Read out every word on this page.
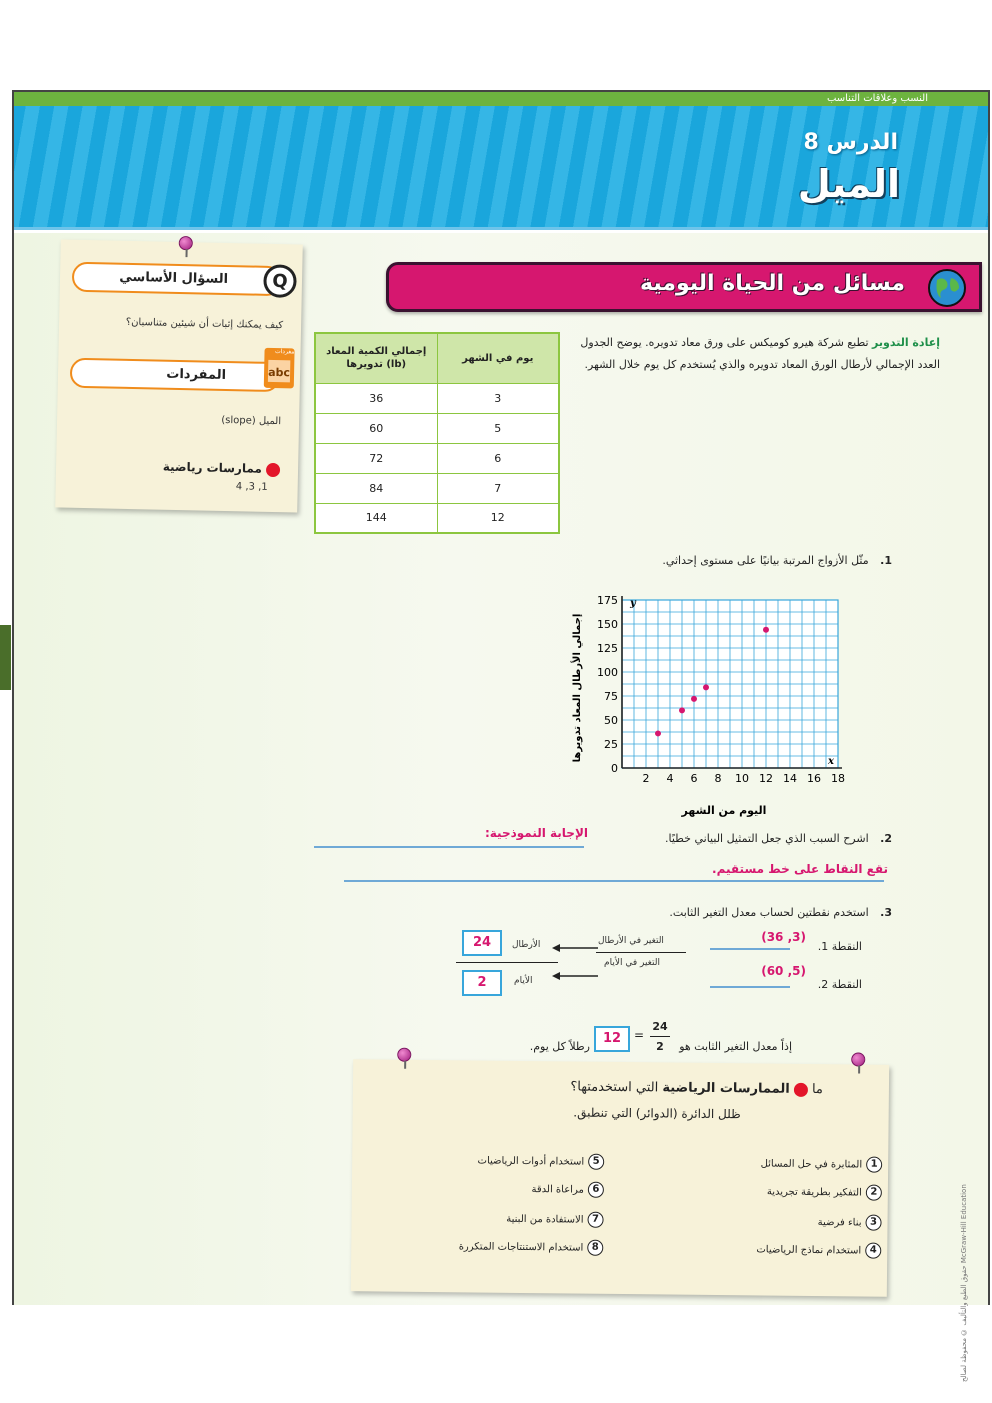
النسب وعلاقات التناسب
الدرس 8
الميل
السؤال الأساسي	Q
كيف يمكنك إثبات أن شيئين متناسبان؟
المفردات	abc
مفردات
الميل (slope)
ممارسات رياضية
1, 3, 4
مسائل من الحياة اليومية
إعادة التدوير تطبع شركة هيرو كوميكس على ورق معاد تدويره. يوضح الجدول العدد الإجمالي لأرطال الورق المعاد تدويره والذي يُستخدم كل يوم خلال الشهر.
إجمالي الكمية المعاد تدويرها (lb)	يوم في الشهر
36	3
60	5
72	6
84	7
144	12
1. مثّل الأزواج المرتبة بيانيًا على مستوى إحداثي.
2 4 6 8 10 12 14 16 18
0
25
50
75
100
125
150
175
اليوم من الشهر
إجمالي الأرطال المعاد تدويرها
y
x
2. اشرح السبب الذي جعل التمثيل البياني خطيًا.
الإجابة النموذجية:
تقع النقاط على خط مستقيم.
3. استخدم نقطتين لحساب معدل التغير الثابت.
النقطة 1.
(3, 36)
النقطة 2.
(5, 60)
التغير في الأرطال
التغير في الأيام
الأرطال
الأيام
24
2
إذاً معدل التغير الثابت هو
24
2
=
12
رطلاً كل يوم.
ما  الممارسات الرياضية التي استخدمتها؟
ظلل الدائرة (الدوائر) التي تنطبق.
1المثابرة في حل المسائل
2التفكير بطريقة تجريدية
3بناء فرضية
4استخدام نماذج الرياضيات
5استخدام أدوات الرياضيات
6مراعاة الدقة
7الاستفادة من البنية
8استخدام الاستنتاجات المتكررة
حقوق الطبع والتأليف © محفوظة لصالح McGraw-Hill Education
